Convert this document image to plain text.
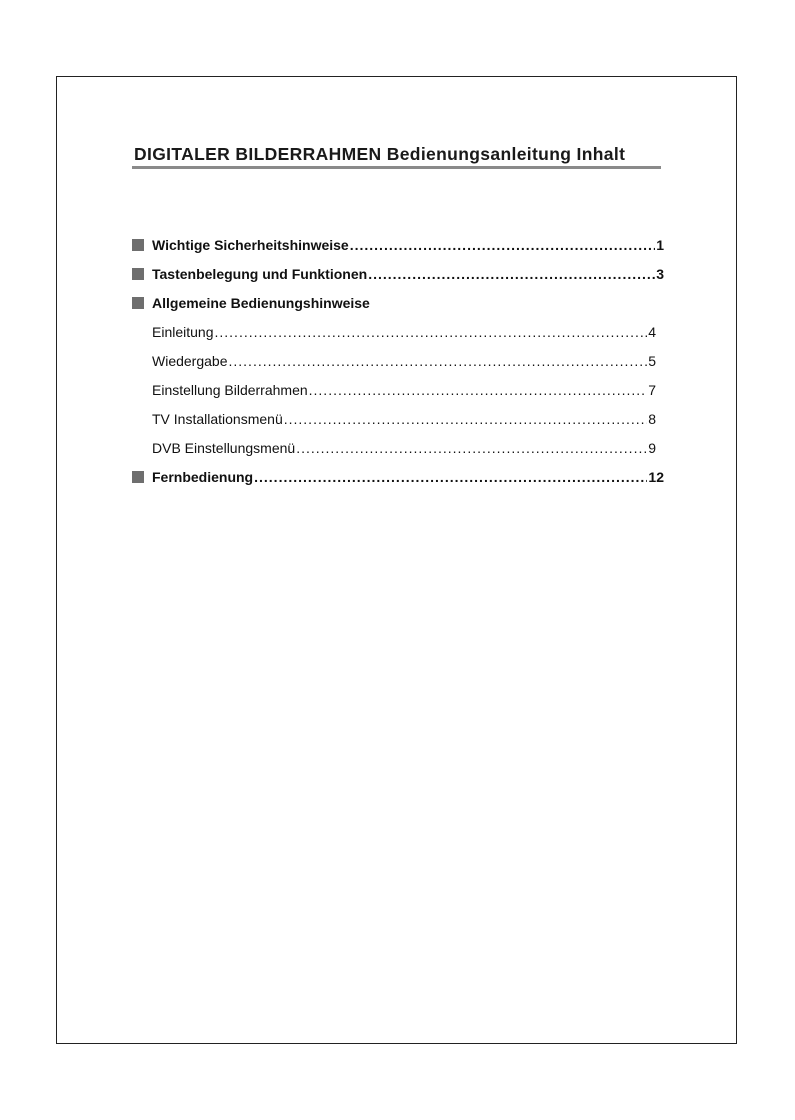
DIGITALER BILDERRAHMEN Bedienungsanleitung Inhalt
Wichtige Sicherheitshinweise .....	1
Tastenbelegung und Funktionen .....	3
Allgemeine Bedienungshinweise
Einleitung .....	.4
Wiedergabe .....	5
Einstellung Bilderrahmen .....	7
TV Installationsmenü .....	8
DVB Einstellungsmenü .....	9
Fernbedienung .....	12
